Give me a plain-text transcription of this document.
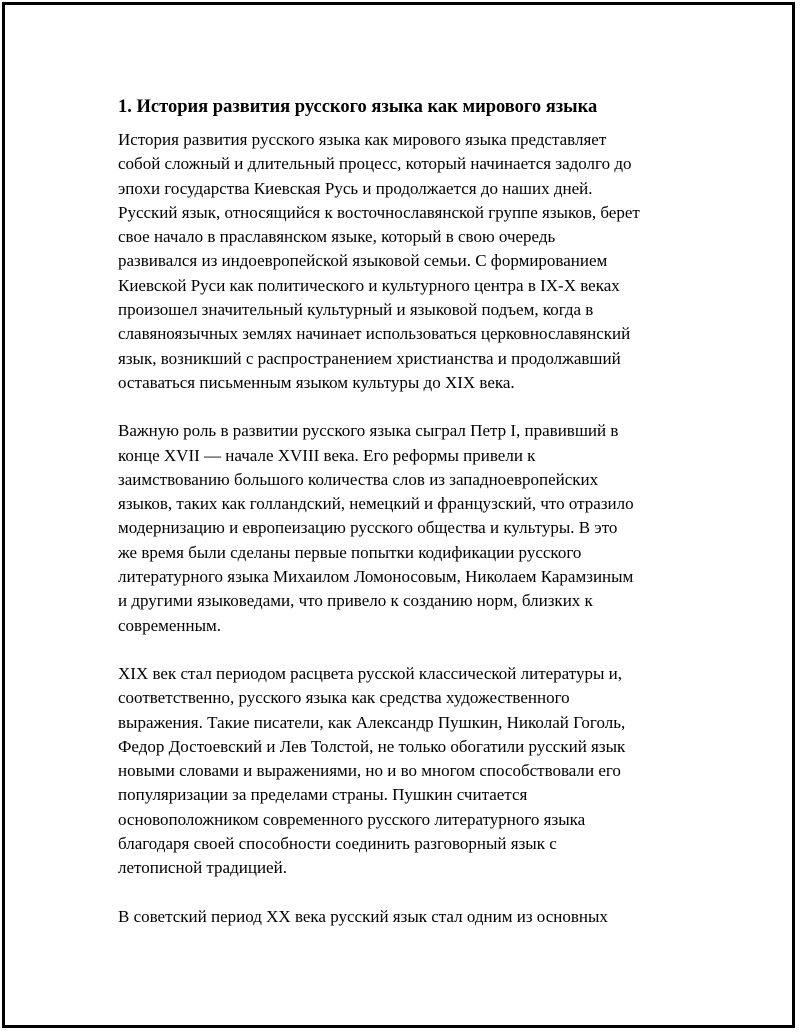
1. История развития русского языка как мирового языка
История развития русского языка как мирового языка представляет
собой сложный и длительный процесс, который начинается задолго до
эпохи государства Киевская Русь и продолжается до наших дней.
Русский язык, относящийся к восточнославянской группе языков, берет
свое начало в праславянском языке, который в свою очередь
развивался из индоевропейской языковой семьи. С формированием
Киевской Руси как политического и культурного центра в IX-X веках
произошел значительный культурный и языковой подъем, когда в
славяноязычных землях начинает использоваться церковнославянский
язык, возникший с распространением христианства и продолжавший
оставаться письменным языком культуры до XIX века.
Важную роль в развитии русского языка сыграл Петр I, правивший в
конце XVII — начале XVIII века. Его реформы привели к
заимствованию большого количества слов из западноевропейских
языков, таких как голландский, немецкий и французский, что отразило
модернизацию и европеизацию русского общества и культуры. В это
же время были сделаны первые попытки кодификации русского
литературного языка Михаилом Ломоносовым, Николаем Карамзиным
и другими языковедами, что привело к созданию норм, близких к
современным.
XIX век стал периодом расцвета русской классической литературы и,
соответственно, русского языка как средства художественного
выражения. Такие писатели, как Александр Пушкин, Николай Гоголь,
Федор Достоевский и Лев Толстой, не только обогатили русский язык
новыми словами и выражениями, но и во многом способствовали его
популяризации за пределами страны. Пушкин считается
основоположником современного русского литературного языка
благодаря своей способности соединить разговорный язык с
летописной традицией.
В советский период XX века русский язык стал одним из основных
